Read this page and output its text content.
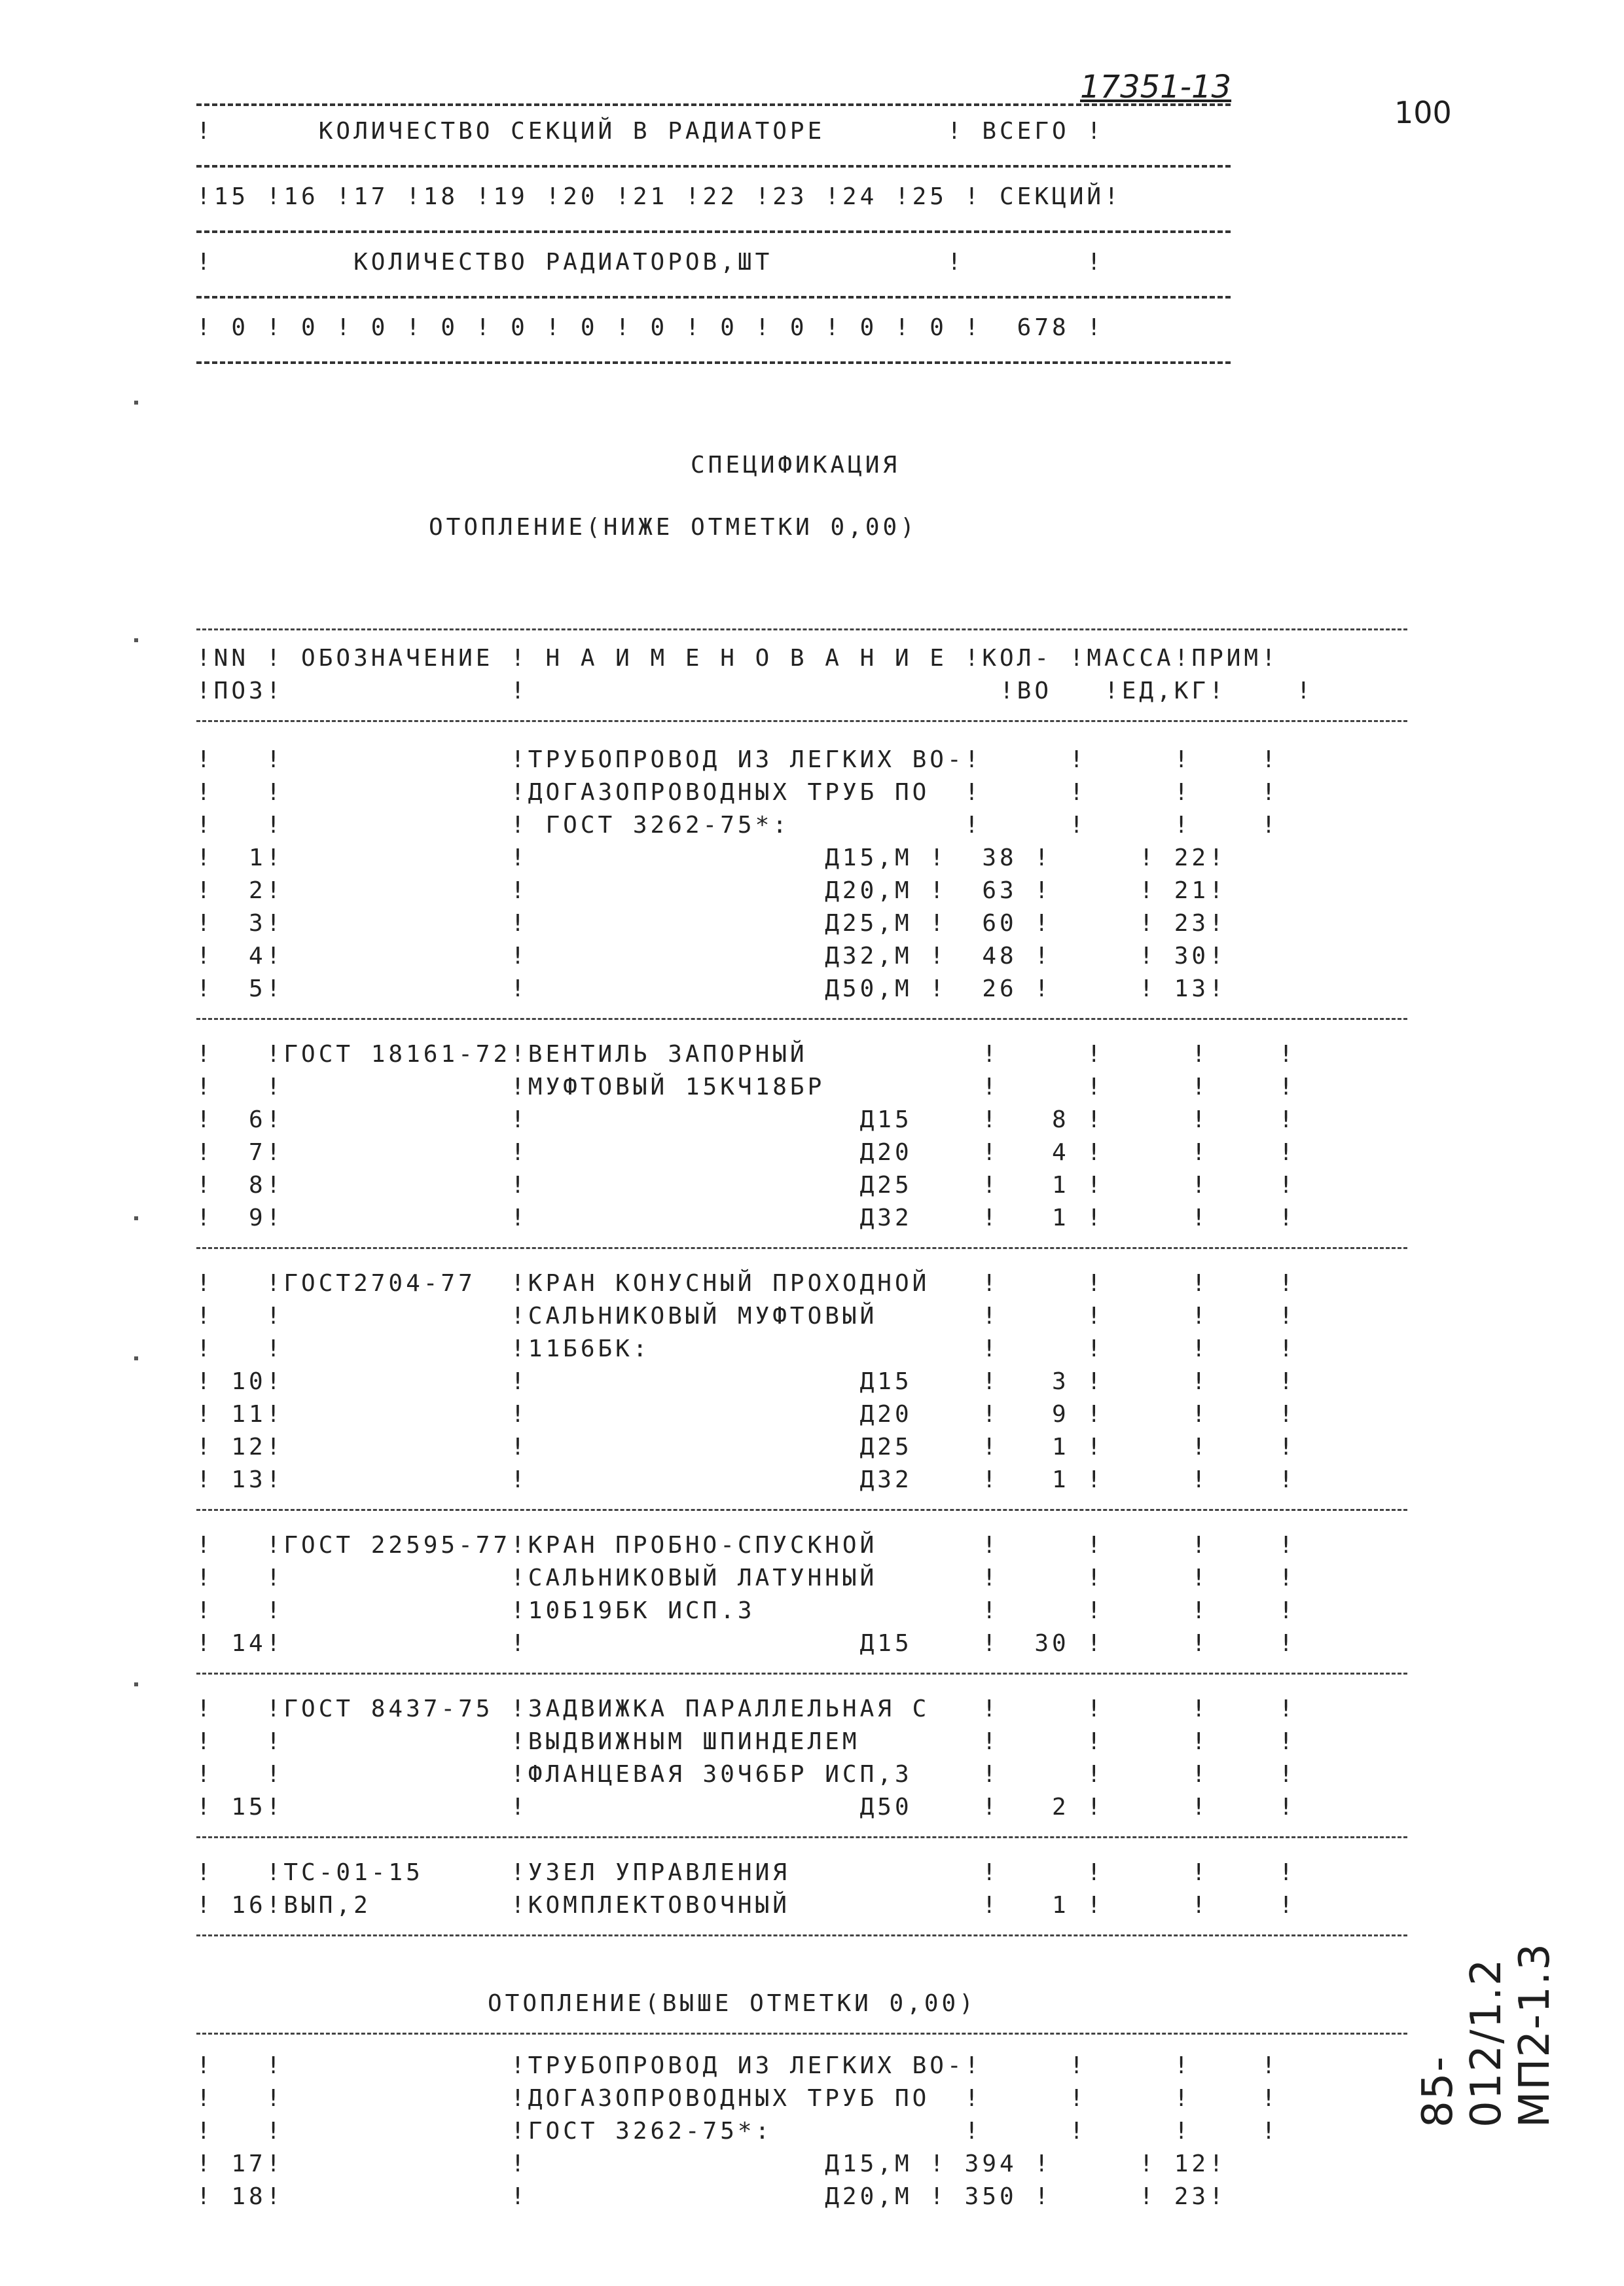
17351-13
100
85-012/1.2 МП2-1.3
!      КОЛИЧЕСТВО СЕКЦИЙ В РАДИАТОРЕ       ! ВСЕГО !
!15 !16 !17 !18 !19 !20 !21 !22 !23 !24 !25 ! СЕКЦИЙ!
!        КОЛИЧЕСТВО РАДИАТОРОВ,ШТ          !       !
! 0 ! 0 ! 0 ! 0 ! 0 ! 0 ! 0 ! 0 ! 0 ! 0 ! 0 !  678 !
СПЕЦИФИКАЦИЯ
ОТОПЛЕНИЕ(НИЖЕ ОТМЕТКИ 0,00)
!NN ! ОБОЗНАЧЕНИЕ ! Н А И М Е Н О В А Н И Е !КОЛ- !МАССА!ПРИМ!
!ПОЗ!             !                           !ВО   !ЕД,КГ!    !
!   !             !ТРУБОПРОВОД ИЗ ЛЕГКИХ ВО-!     !     !    !
!   !             !ДОГАЗОПРОВОДНЫХ ТРУБ ПО  !     !     !    !
!   !             ! ГОСТ 3262-75*:          !     !     !    !
!  1!             !                 Д15,М !  38 !     ! 22!
!  2!             !                 Д20,М !  63 !     ! 21!
!  3!             !                 Д25,М !  60 !     ! 23!
!  4!             !                 Д32,М !  48 !     ! 30!
!  5!             !                 Д50,М !  26 !     ! 13!
!   !ГОСТ 18161-72!ВЕНТИЛЬ ЗАПОРНЫЙ          !     !     !    !
!   !             !МУФТОВЫЙ 15КЧ18БР         !     !     !    !
!  6!             !                   Д15    !   8 !     !    !
!  7!             !                   Д20    !   4 !     !    !
!  8!             !                   Д25    !   1 !     !    !
!  9!             !                   Д32    !   1 !     !    !
!   !ГОСТ2704-77  !КРАН КОНУСНЫЙ ПРОХОДНОЙ   !     !     !    !
!   !             !САЛЬНИКОВЫЙ МУФТОВЫЙ      !     !     !    !
!   !             !11Б6БК:                   !     !     !    !
! 10!             !                   Д15    !   3 !     !    !
! 11!             !                   Д20    !   9 !     !    !
! 12!             !                   Д25    !   1 !     !    !
! 13!             !                   Д32    !   1 !     !    !
!   !ГОСТ 22595-77!КРАН ПРОБНО-СПУСКНОЙ      !     !     !    !
!   !             !САЛЬНИКОВЫЙ ЛАТУННЫЙ      !     !     !    !
!   !             !10Б19БК ИСП.3             !     !     !    !
! 14!             !                   Д15    !  30 !     !    !
!   !ГОСТ 8437-75 !ЗАДВИЖКА ПАРАЛЛЕЛЬНАЯ С   !     !     !    !
!   !             !ВЫДВИЖНЫМ ШПИНДЕЛЕМ       !     !     !    !
!   !             !ФЛАНЦЕВАЯ 30Ч6БР ИСП,3    !     !     !    !
! 15!             !                   Д50    !   2 !     !    !
!   !ТС-01-15     !УЗЕЛ УПРАВЛЕНИЯ           !     !     !    !
! 16!ВЫП,2        !КОМПЛЕКТОВОЧНЫЙ           !   1 !     !    !
ОТОПЛЕНИЕ(ВЫШЕ ОТМЕТКИ 0,00)
!   !             !ТРУБОПРОВОД ИЗ ЛЕГКИХ ВО-!     !     !    !
!   !             !ДОГАЗОПРОВОДНЫХ ТРУБ ПО  !     !     !    !
!   !             !ГОСТ 3262-75*:           !     !     !    !
! 17!             !                 Д15,М ! 394 !     ! 12!
! 18!             !                 Д20,М ! 350 !     ! 23!
